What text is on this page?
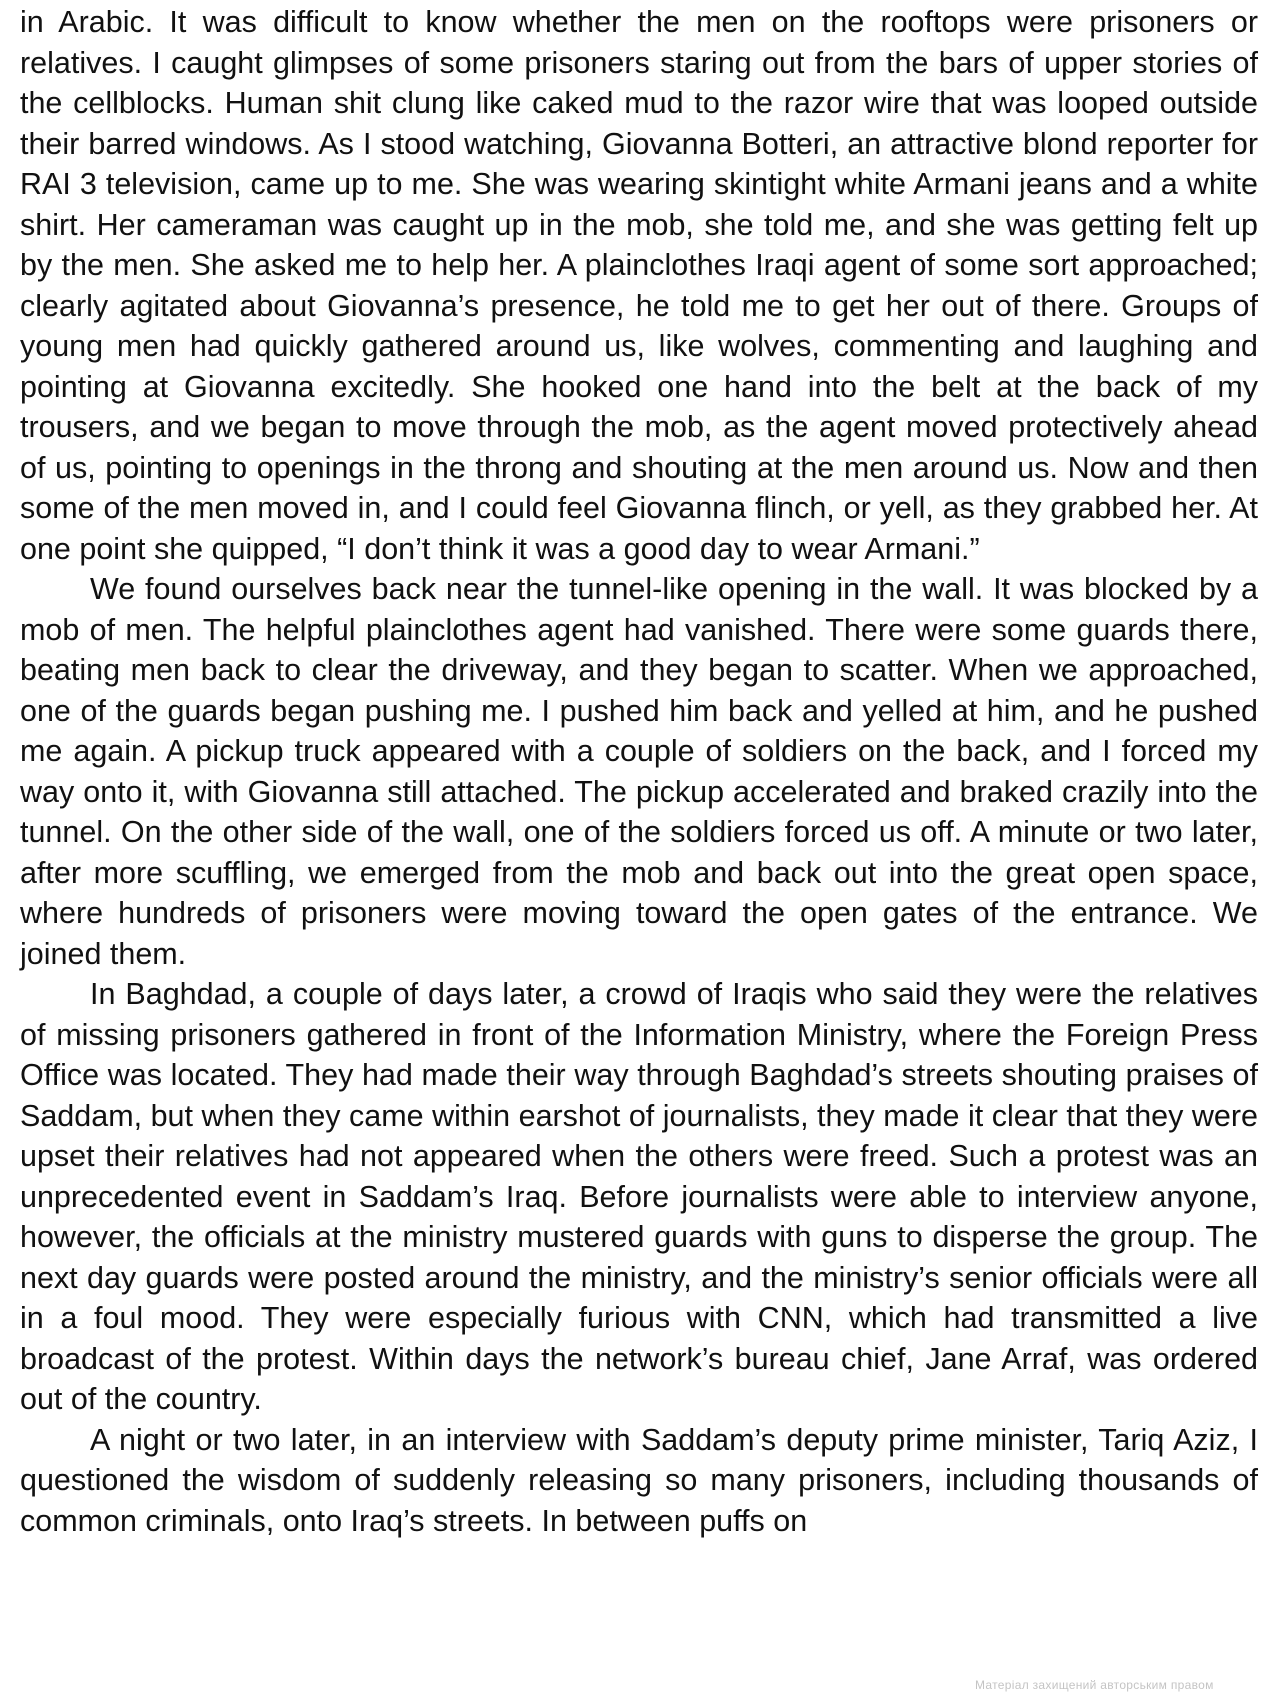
in Arabic. It was difficult to know whether the men on the rooftops were prisoners or relatives. I caught glimpses of some prisoners staring out from the bars of upper stories of the cellblocks. Human shit clung like caked mud to the razor wire that was looped outside their barred windows. As I stood watching, Giovanna Botteri, an attractive blond reporter for RAI 3 television, came up to me. She was wearing skintight white Armani jeans and a white shirt. Her cameraman was caught up in the mob, she told me, and she was getting felt up by the men. She asked me to help her. A plainclothes Iraqi agent of some sort approached; clearly agitated about Giovanna’s presence, he told me to get her out of there. Groups of young men had quickly gathered around us, like wolves, commenting and laughing and pointing at Giovanna excitedly. She hooked one hand into the belt at the back of my trousers, and we began to move through the mob, as the agent moved protectively ahead of us, pointing to openings in the throng and shouting at the men around us. Now and then some of the men moved in, and I could feel Giovanna flinch, or yell, as they grabbed her. At one point she quipped, “I don’t think it was a good day to wear Armani.”

We found ourselves back near the tunnel-like opening in the wall. It was blocked by a mob of men. The helpful plainclothes agent had vanished. There were some guards there, beating men back to clear the driveway, and they began to scatter. When we approached, one of the guards began pushing me. I pushed him back and yelled at him, and he pushed me again. A pickup truck appeared with a couple of soldiers on the back, and I forced my way onto it, with Giovanna still attached. The pickup accelerated and braked crazily into the tunnel. On the other side of the wall, one of the soldiers forced us off. A minute or two later, after more scuffling, we emerged from the mob and back out into the great open space, where hundreds of prisoners were moving toward the open gates of the entrance. We joined them.

In Baghdad, a couple of days later, a crowd of Iraqis who said they were the relatives of missing prisoners gathered in front of the Information Ministry, where the Foreign Press Office was located. They had made their way through Baghdad’s streets shouting praises of Saddam, but when they came within earshot of journalists, they made it clear that they were upset their relatives had not appeared when the others were freed. Such a protest was an unprecedented event in Saddam’s Iraq. Before journalists were able to interview anyone, however, the officials at the ministry mustered guards with guns to disperse the group. The next day guards were posted around the ministry, and the ministry’s senior officials were all in a foul mood. They were especially furious with CNN, which had transmitted a live broadcast of the protest. Within days the network’s bureau chief, Jane Arraf, was ordered out of the country.

A night or two later, in an interview with Saddam’s deputy prime minister, Tariq Aziz, I questioned the wisdom of suddenly releasing so many prisoners, including thousands of common criminals, onto Iraq’s streets. In between puffs on

Матеріал захищений авторським правом
